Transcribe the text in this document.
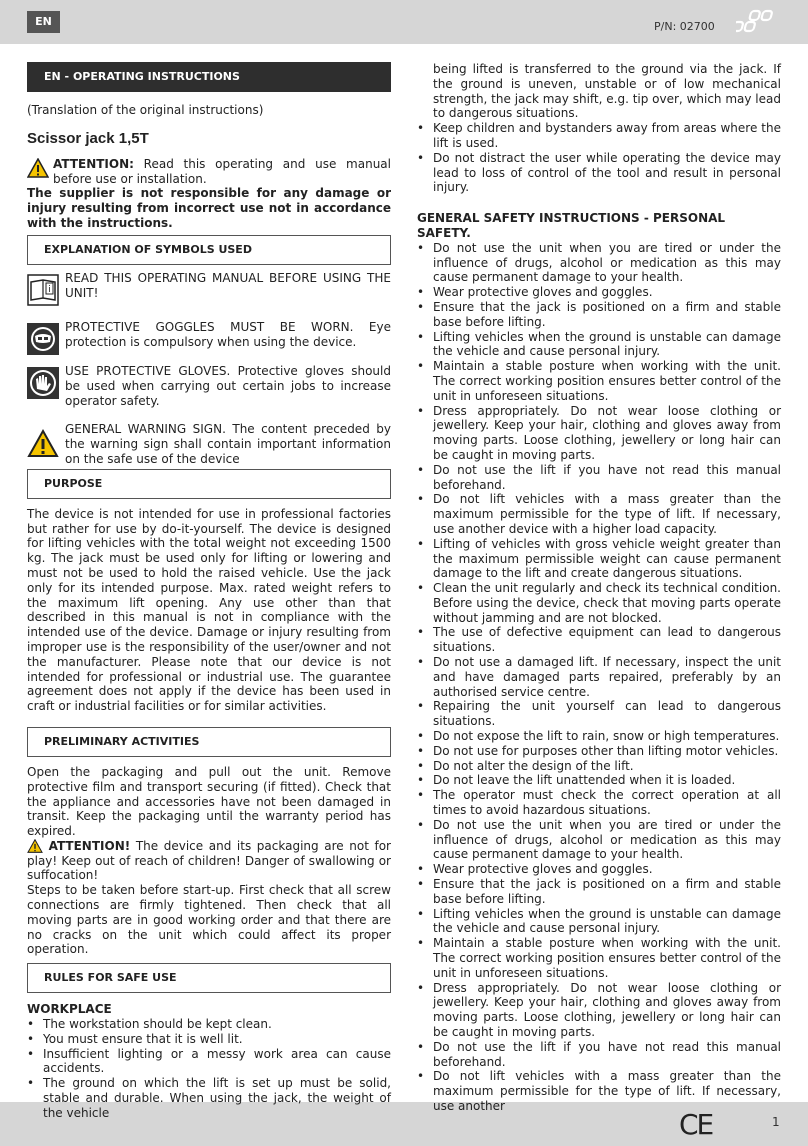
EN	P/N: 02700
CE	1
EN - OPERATING INSTRUCTIONS

(Translation of the original instructions)

Scissor jack 1,5T

ATTENTION: Read this operating and use manual before use or installation.

The supplier is not responsible for any damage or injury resulting from incorrect use not in accordance with the instructions.

EXPLANATION OF SYMBOLS USED
i
READ THIS OPERATING MANUAL BEFORE USING THE UNIT!
PROTECTIVE GOGGLES MUST BE WORN. Eye protection is compulsory when using the device.
USE PROTECTIVE GLOVES. Protective gloves should be used when carrying out certain jobs to increase operator safety.
GENERAL WARNING SIGN. The content preceded by the warning sign shall contain important information on the safe use of the device
PURPOSE

The device is not intended for use in professional factories but rather for use by do-it-yourself. The device is designed for lifting vehicles with the total weight not exceeding 1500 kg. The jack must be used only for lifting or lowering and must not be used to hold the raised vehicle. Use the jack only for its intended purpose. Max. rated weight refers to the maximum lift opening. Any use other than that described in this manual is not in compliance with the intended use of the device. Damage or injury resulting from improper use is the responsibility of the user/owner and not the manufacturer. Please note that our device is not intended for professional or industrial use. The guarantee agreement does not apply if the device has been used in craft or industrial facilities or for similar activities.

PRELIMINARY ACTIVITIES

Open the packaging and pull out the unit. Remove protective film and transport securing (if fitted). Check that the appliance and accessories have not been damaged in transit. Keep the packaging until the warranty period has expired.

ATTENTION! The device and its packaging are not for play! Keep out of reach of children! Danger of swallowing or suffocation!

Steps to be taken before start-up. First check that all screw connections are firmly tightened. Then check that all moving parts are in good working order and that there are no cracks on the unit which could affect its proper operation.

RULES FOR SAFE USE

WORKPLACE

• The workstation should be kept clean.

• You must ensure that it is well lit.

• Insufficient lighting or a messy work area can cause accidents.

• The ground on which the lift is set up must be solid, stable and durable. When using the jack, the weight of the vehicle

being lifted is transferred to the ground via the jack. If the ground is uneven, unstable or of low mechanical strength, the jack may shift, e.g. tip over, which may lead to dangerous situations.

• Keep children and bystanders away from areas where the lift is used.

• Do not distract the user while operating the device may lead to loss of control of the tool and result in personal injury.

GENERAL SAFETY INSTRUCTIONS - PERSONAL SAFETY.

• Do not use the unit when you are tired or under the influence of drugs, alcohol or medication as this may cause permanent damage to your health.

• Wear protective gloves and goggles.

• Ensure that the jack is positioned on a firm and stable base before lifting.

• Lifting vehicles when the ground is unstable can damage the vehicle and cause personal injury.

• Maintain a stable posture when working with the unit. The correct working position ensures better control of the unit in unforeseen situations.

• Dress appropriately. Do not wear loose clothing or jewellery. Keep your hair, clothing and gloves away from moving parts. Loose clothing, jewellery or long hair can be caught in moving parts.

• Do not use the lift if you have not read this manual beforehand.

• Do not lift vehicles with a mass greater than the maximum permissible for the type of lift. If necessary, use another device with a higher load capacity.

• Lifting of vehicles with gross vehicle weight greater than the maximum permissible weight can cause permanent damage to the lift and create dangerous situations.

• Clean the unit regularly and check its technical condition. Before using the device, check that moving parts operate without jamming and are not blocked.

• The use of defective equipment can lead to dangerous situations.

• Do not use a damaged lift. If necessary, inspect the unit and have damaged parts repaired, preferably by an authorised service centre.

• Repairing the unit yourself can lead to dangerous situations.

• Do not expose the lift to rain, snow or high temperatures.

• Do not use for purposes other than lifting motor vehicles.

• Do not alter the design of the lift.

• Do not leave the lift unattended when it is loaded.

• The operator must check the correct operation at all times to avoid hazardous situations.

• Do not use the unit when you are tired or under the influence of drugs, alcohol or medication as this may cause permanent damage to your health.

• Wear protective gloves and goggles.

• Ensure that the jack is positioned on a firm and stable base before lifting.

• Lifting vehicles when the ground is unstable can damage the vehicle and cause personal injury.

• Maintain a stable posture when working with the unit. The correct working position ensures better control of the unit in unforeseen situations.

• Dress appropriately. Do not wear loose clothing or jewellery. Keep your hair, clothing and gloves away from moving parts. Loose clothing, jewellery or long hair can be caught in moving parts.

• Do not use the lift if you have not read this manual beforehand.

• Do not lift vehicles with a mass greater than the maximum permissible for the type of lift. If necessary, use another
